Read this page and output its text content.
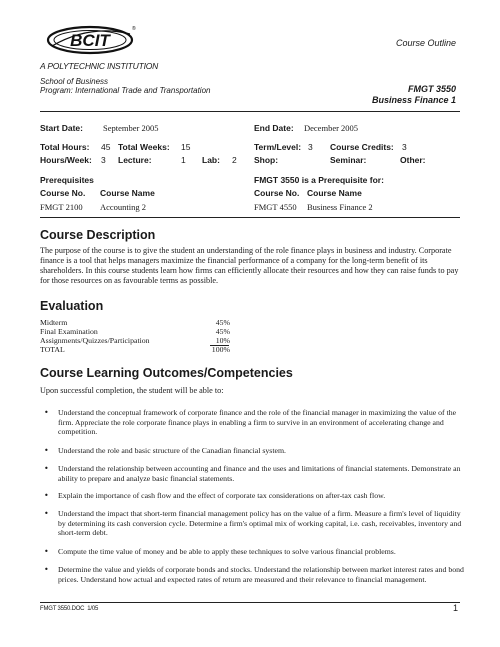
BCIT
®
A POLYTECHNIC INSTITUTION
Course Outline
School of Business
Program: International Trade and Transportation	FMGT 3550
Business Finance 1
Start Date: September 2005	End Date: December 2005
Total Hours: 45 Total Weeks: 15	Term/Level: 3 Course Credits: 3
Hours/Week: 3 Lecture:	1 Lab: 2 Shop:	Seminar:	Other:
Prerequisites
Course No. Course Name
FMGT 2100 Accounting 2
FMGT 3550 is a Prerequisite for:
Course No. Course Name
FMGT 4550 Business Finance 2
Course Description
The purpose of the course is to give the student an understanding of the role finance plays in business and industry. Corporate finance is a tool that helps managers maximize the financial performance of a company for the long-term benefit of its shareholders. In this course students learn how firms can efficiently allocate their resources and how they can raise funds to pay for those resources on as favourable terms as possible.
Evaluation
Midterm	45%
Final Examination	45%
Assignments/Quizzes/Participation	10%
TOTAL	100%
Course Learning Outcomes/Competencies
Upon successful completion, the student will be able to:
• Understand the conceptual framework of corporate finance and the role of the financial manager in maximizing the value of the firm. Appreciate the role corporate finance plays in enabling a firm to survive in an environment of accelerating change and competition.
• Understand the role and basic structure of the Canadian financial system.
• Understand the relationship between accounting and finance and the uses and limitations of financial statements. Demonstrate an ability to prepare and analyze basic financial statements.
• Explain the importance of cash flow and the effect of corporate tax considerations on after-tax cash flow.
• Understand the impact that short-term financial management policy has on the value of a firm. Measure a firm's level of liquidity by determining its cash conversion cycle. Determine a firm's optimal mix of working capital, i.e. cash, receivables, inventory and short-term debt.
• Compute the time value of money and be able to apply these techniques to solve various financial problems.
• Determine the value and yields of corporate bonds and stocks. Understand the relationship between market interest rates and bond prices. Understand how actual and expected rates of return are measured and their relevance to financial management.
FMGT 3550.DOC 1/05	1
